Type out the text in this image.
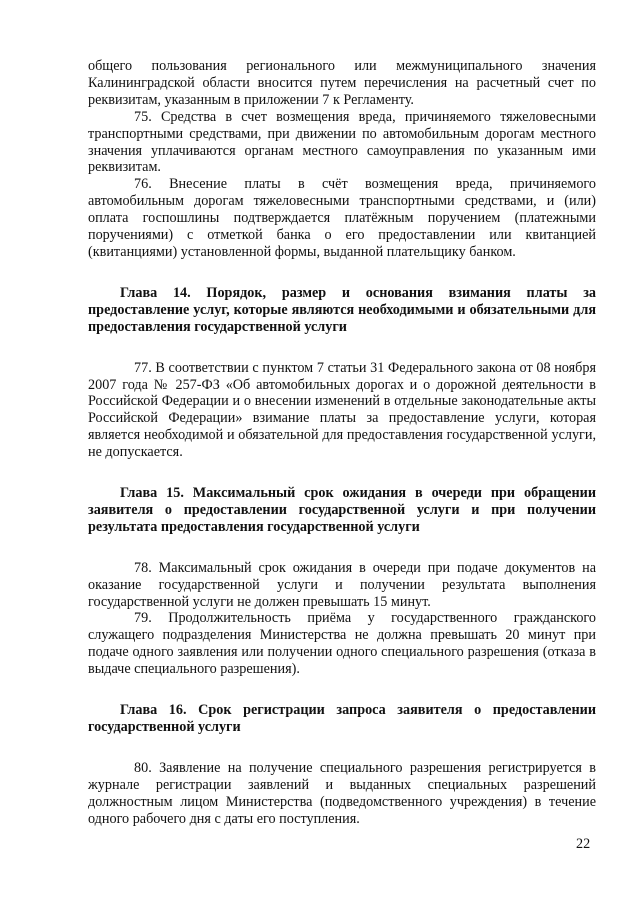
общего пользования регионального или межмуниципального значения Калининградской области вносится путем перечисления на расчетный счет по реквизитам, указанным в приложении 7 к Регламенту.

75. Средства в счет возмещения вреда, причиняемого тяжеловесными транспортными средствами, при движении по автомобильным дорогам местного значения уплачиваются органам местного самоуправления по указанным ими реквизитам.

76. Внесение платы в счёт возмещения вреда, причиняемого автомобильным дорогам тяжеловесными транспортными средствами, и (или) оплата госпошлины подтверждается платёжным поручением (платежными поручениями) с отметкой банка о его предоставлении или квитанцией (квитанциями) установленной формы, выданной плательщику банком.

Глава 14. Порядок, размер и основания взимания платы за предоставление услуг, которые являются необходимыми и обязательными для предоставления государственной услуги

77. В соответствии с пунктом 7 статьи 31 Федерального закона от 08 ноября 2007 года № 257-ФЗ «Об автомобильных дорогах и о дорожной деятельности в Российской Федерации и о внесении изменений в отдельные законодательные акты Российской Федерации» взимание платы за предоставление услуги, которая является необходимой и обязательной для предоставления государственной услуги, не допускается.

Глава 15. Максимальный срок ожидания в очереди при обращении заявителя о предоставлении государственной услуги и при получении результата предоставления государственной услуги

78. Максимальный срок ожидания в очереди при подаче документов на оказание государственной услуги и получении результата выполнения государственной услуги не должен превышать 15 минут.

79. Продолжительность приёма у государственного гражданского служащего подразделения Министерства не должна превышать 20 минут при подаче одного заявления или получении одного специального разрешения (отказа в выдаче специального разрешения).

Глава 16. Срок регистрации запроса заявителя о предоставлении государственной услуги

80. Заявление на получение специального разрешения регистрируется в журнале регистрации заявлений и выданных специальных разрешений должностным лицом Министерства (подведомственного учреждения) в течение одного рабочего дня с даты его поступления.

22
